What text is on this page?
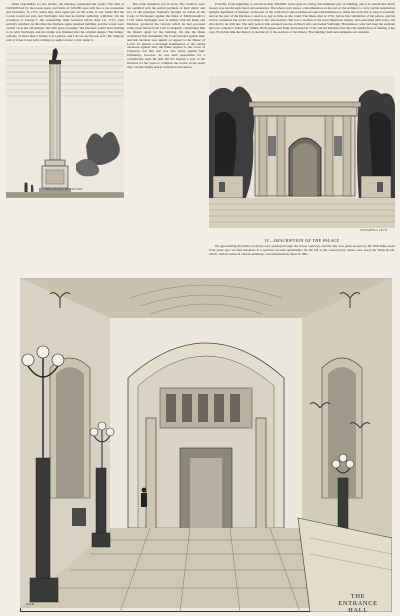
Duke responsible for the arrears, the Duchess suspended the works. The sum of £220,000 had by then been spent, and debts of £45,000 were still due to the tradesmen and workmen. In 1712, when they were again put on the work, it was found that the Crown would not pay, and Vanbrugh, who had no further authority, withdrew. On the accession of George I. the outstanding debts incurred before June 1st, 1712, were partially satisfied. At this time the Duchess again resumed building, and the works were carried on in the old manner, but with great economy. The Duchess would have nothing to do with Vanbrugh, and the bridge was finished after his original design. 'The bridge,' said she, 'is more than a bridge; it is a palace, and I do not see the use of it.' Mr. Walpole said of it that it was such a bridge as ought to have a river under it.

THE COLUMN OF VICTORY

But some sensation was in store. The creditors were not satisfied with the partial payment of their debts; and two of the principal claimants brought an action in the Court of Exchequer against the Duke of Marlborough in 1718, when Vanbrugh, now at enmity with the Duke and Duchess, produced the warrant which he had procured some years before from Lord Godolphin, constituting him the Duke's agent for the building. On this the Duke considered this instrument; the Court decided against him, and this decision was upheld on appeal to the House of Lords. To answer a thorough examination of the claims advanced against him, the Duke applied to the Court of Chancery, but that suit was also given against him. Ultimately, however, he was held responsible for a considerable sum. He still left his stipend a year to the Duchess for her years to complete the works; in the result they cost the family nearly as much as the nation.

Probably from beginning to end more than 300,000l. were spent in raising this immense pile of building, and it is certain that much money was lost through fraud and peculation. The whole story shows a determination on the part of the architect to carry out his stupendous designs regardless of expense; on the part of the contractors and workmen an equal determination to make the work last as long as possible; and on the part of the Duchess a resolve to pay as little as she could. The Duke died in 1722, before the completion of the palace, and his widow continued the works according to her own notions. She was a woman of the most imperious temper, and quarrelled with every one who had to do with her. The only person who escaped was the architect who succeeded Vanbrugh, Hawksmoor, who had been his assistant and was content to follow her whims. Both Queen and Duke had parted in 1716, and the Duchess had then the satisfaction of making it her own. From that time her history is the history of the erection of the Palace. The building itself next demands our attention.

TRIUMPHAL ARCH
IV.—DESCRIPTION OF THE PALACE

On approaching the Palace from the east, passing through the Tower Gateway, and the fine iron gates erected by the fifth Duke about forty years ago, we find ourselves in a spacious arcaded quadrangle. On the left is the conservatory, where once stood the Titian Room, which, with its series of curious paintings, was unfortunately burnt in 1861.

A.S.B.
THE ENTRANCE HALL
